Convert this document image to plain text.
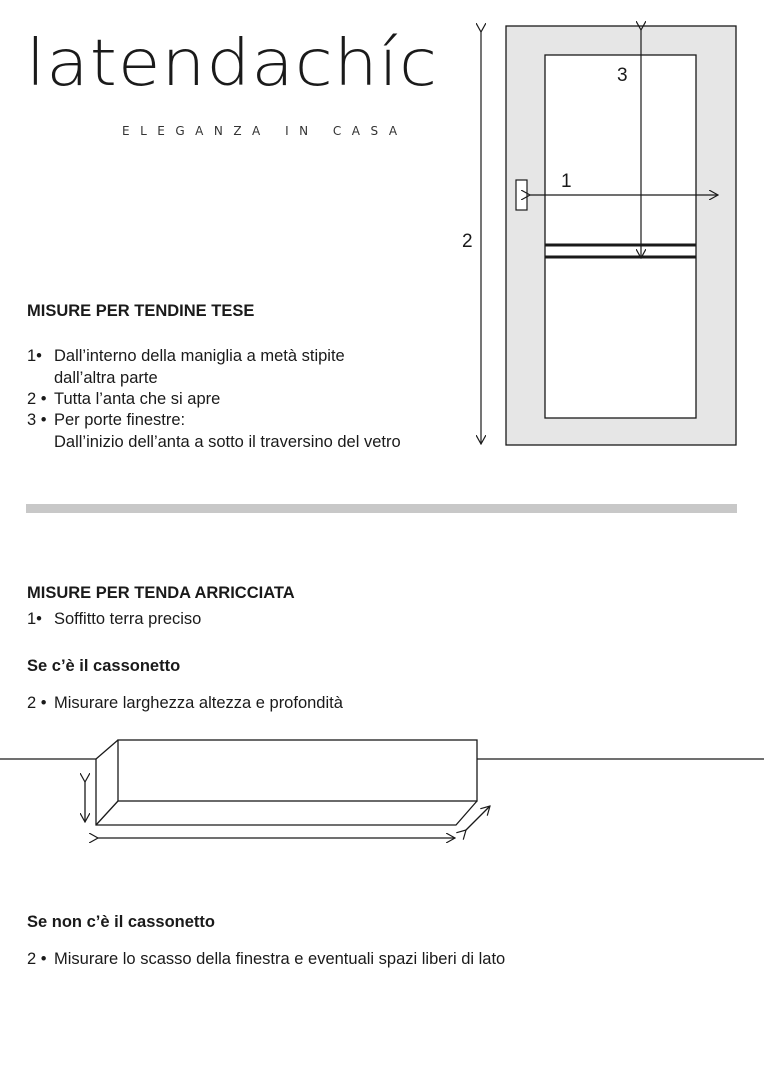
latendachíc
ELEGANZA IN CASA
MISURE PER TENDINE TESE
1• Dall’interno della maniglia a metà stipite
dall’altra parte
2 • Tutta l’anta che si apre
3 • Per porte finestre:
Dall’inizio dell’anta a sotto il traversino del vetro
2
3
1
MISURE PER TENDA ARRICCIATA
1• Soffitto terra preciso
Se c’è il cassonetto
2 • Misurare larghezza altezza e profondità
Se non c’è il cassonetto
2 • Misurare lo scasso della finestra e eventuali spazi liberi di lato
